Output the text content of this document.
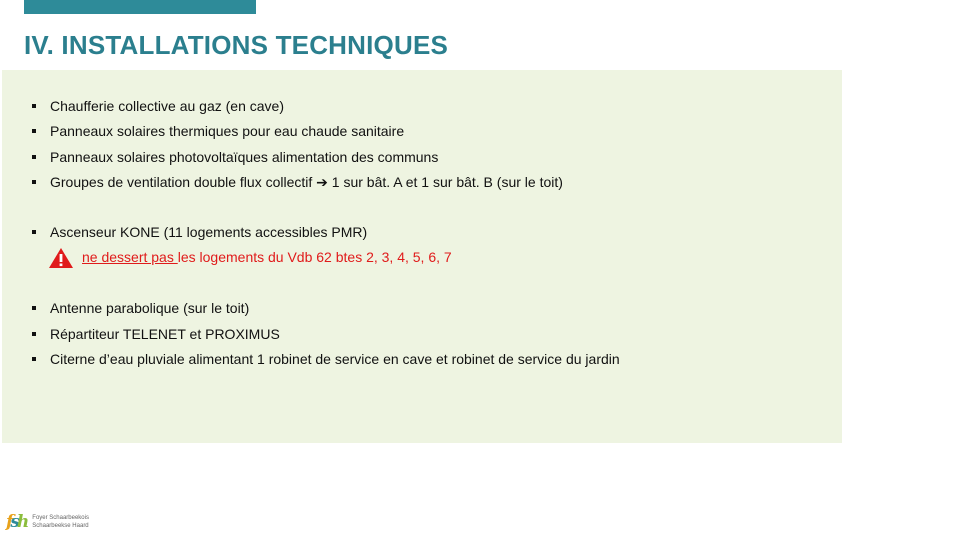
IV. INSTALLATIONS TECHNIQUES
Chaufferie collective au gaz (en cave)
Panneaux solaires thermiques pour eau chaude sanitaire
Panneaux solaires photovoltaïques alimentation des communs
Groupes de ventilation double flux collectif ➔ 1 sur bât. A et 1 sur bât. B (sur le toit)
Ascenseur KONE (11 logements accessibles PMR)
ne dessert pas les logements du Vdb 62 btes 2, 3, 4, 5, 6, 7
Antenne parabolique (sur le toit)
Répartiteur TELENET et PROXIMUS
Citerne d’eau pluviale alimentant 1 robinet de service en cave et robinet de service du jardin
fsh Foyer Schaarbeekois
Schaarbeekse Haard
